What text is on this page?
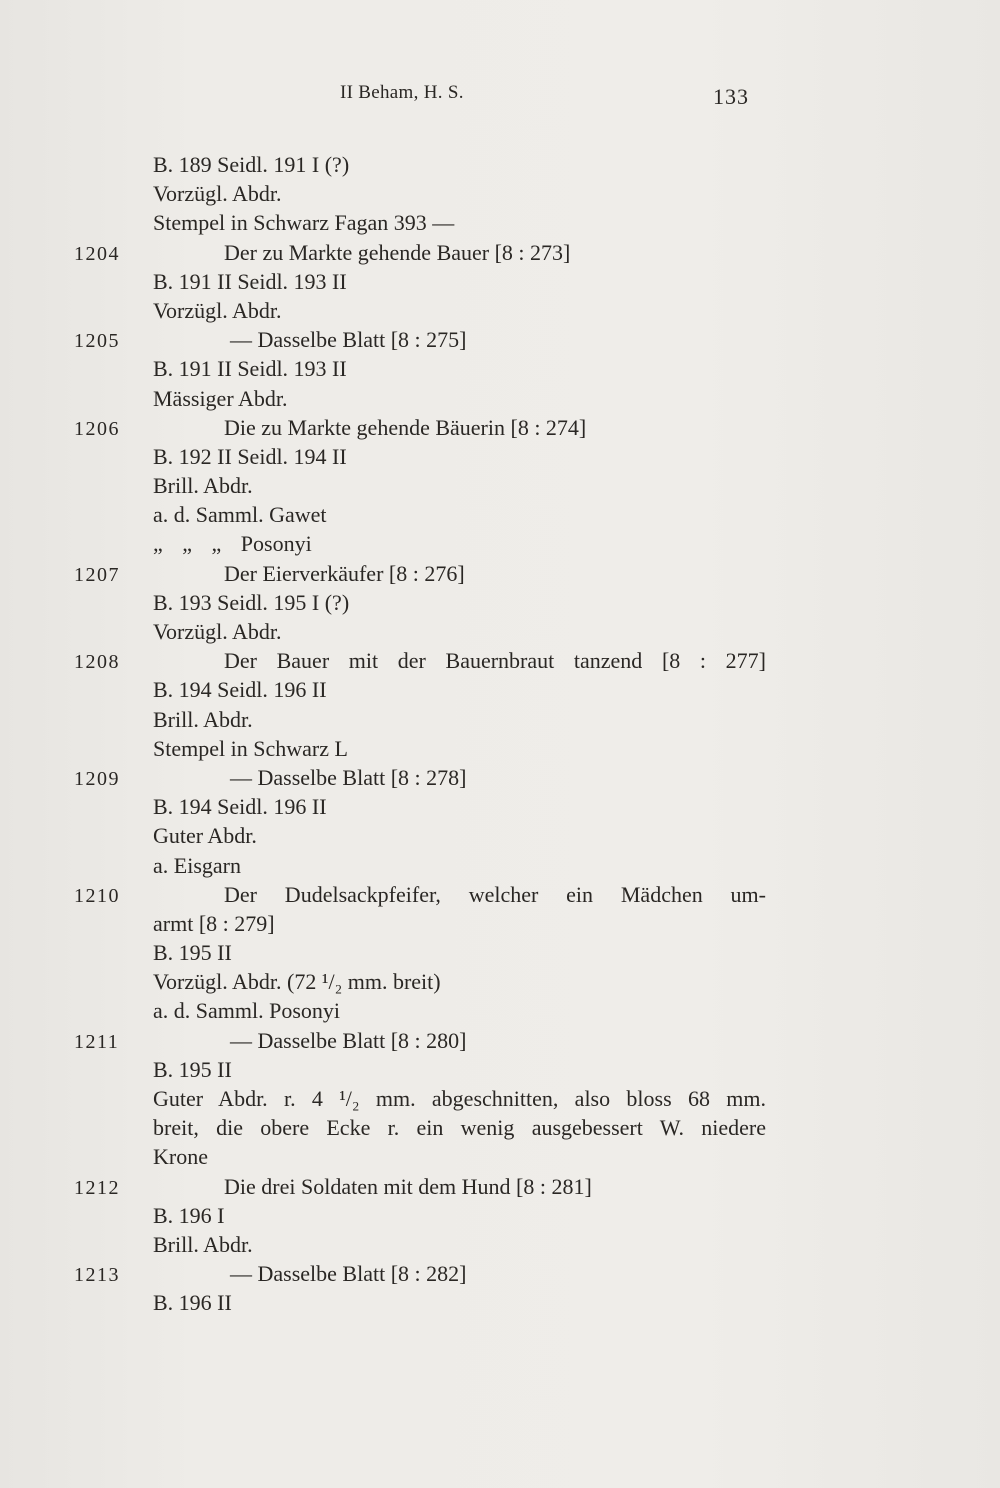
II Beham, H. S.	133
B. 189 Seidl. 191 I (?)
Vorzügl. Abdr.
Stempel in Schwarz Fagan 393 —
1204	Der zu Markte gehende Bauer [8 : 273]
B. 191 II Seidl. 193 II
Vorzügl. Abdr.
1205	— Dasselbe Blatt [8 : 275]
B. 191 II Seidl. 193 II
Mässiger Abdr.
1206	Die zu Markte gehende Bäuerin [8 : 274]
B. 192 II Seidl. 194 II
Brill. Abdr.
a. d. Samml. Gawet
„ „ „ Posonyi
1207	Der Eierverkäufer [8 : 276]
B. 193 Seidl. 195 I (?)
Vorzügl. Abdr.
1208	Der Bauer mit der Bauernbraut tanzend [8 : 277]
B. 194 Seidl. 196 II
Brill. Abdr.
Stempel in Schwarz L
1209	— Dasselbe Blatt [8 : 278]
B. 194 Seidl. 196 II
Guter Abdr.
a. Eisgarn
1210	Der Dudelsackpfeifer, welcher ein Mädchen um-
armt [8 : 279]
B. 195 II
Vorzügl. Abdr. (72 ¹/₂ mm. breit)
a. d. Samml. Posonyi
1211	— Dasselbe Blatt [8 : 280]
B. 195 II
Guter Abdr. r. 4 ¹/₂ mm. abgeschnitten, also bloss 68 mm.
breit, die obere Ecke r. ein wenig ausgebessert W. niedere
Krone
1212	Die drei Soldaten mit dem Hund [8 : 281]
B. 196 I
Brill. Abdr.
1213	— Dasselbe Blatt [8 : 282]
B. 196 II
